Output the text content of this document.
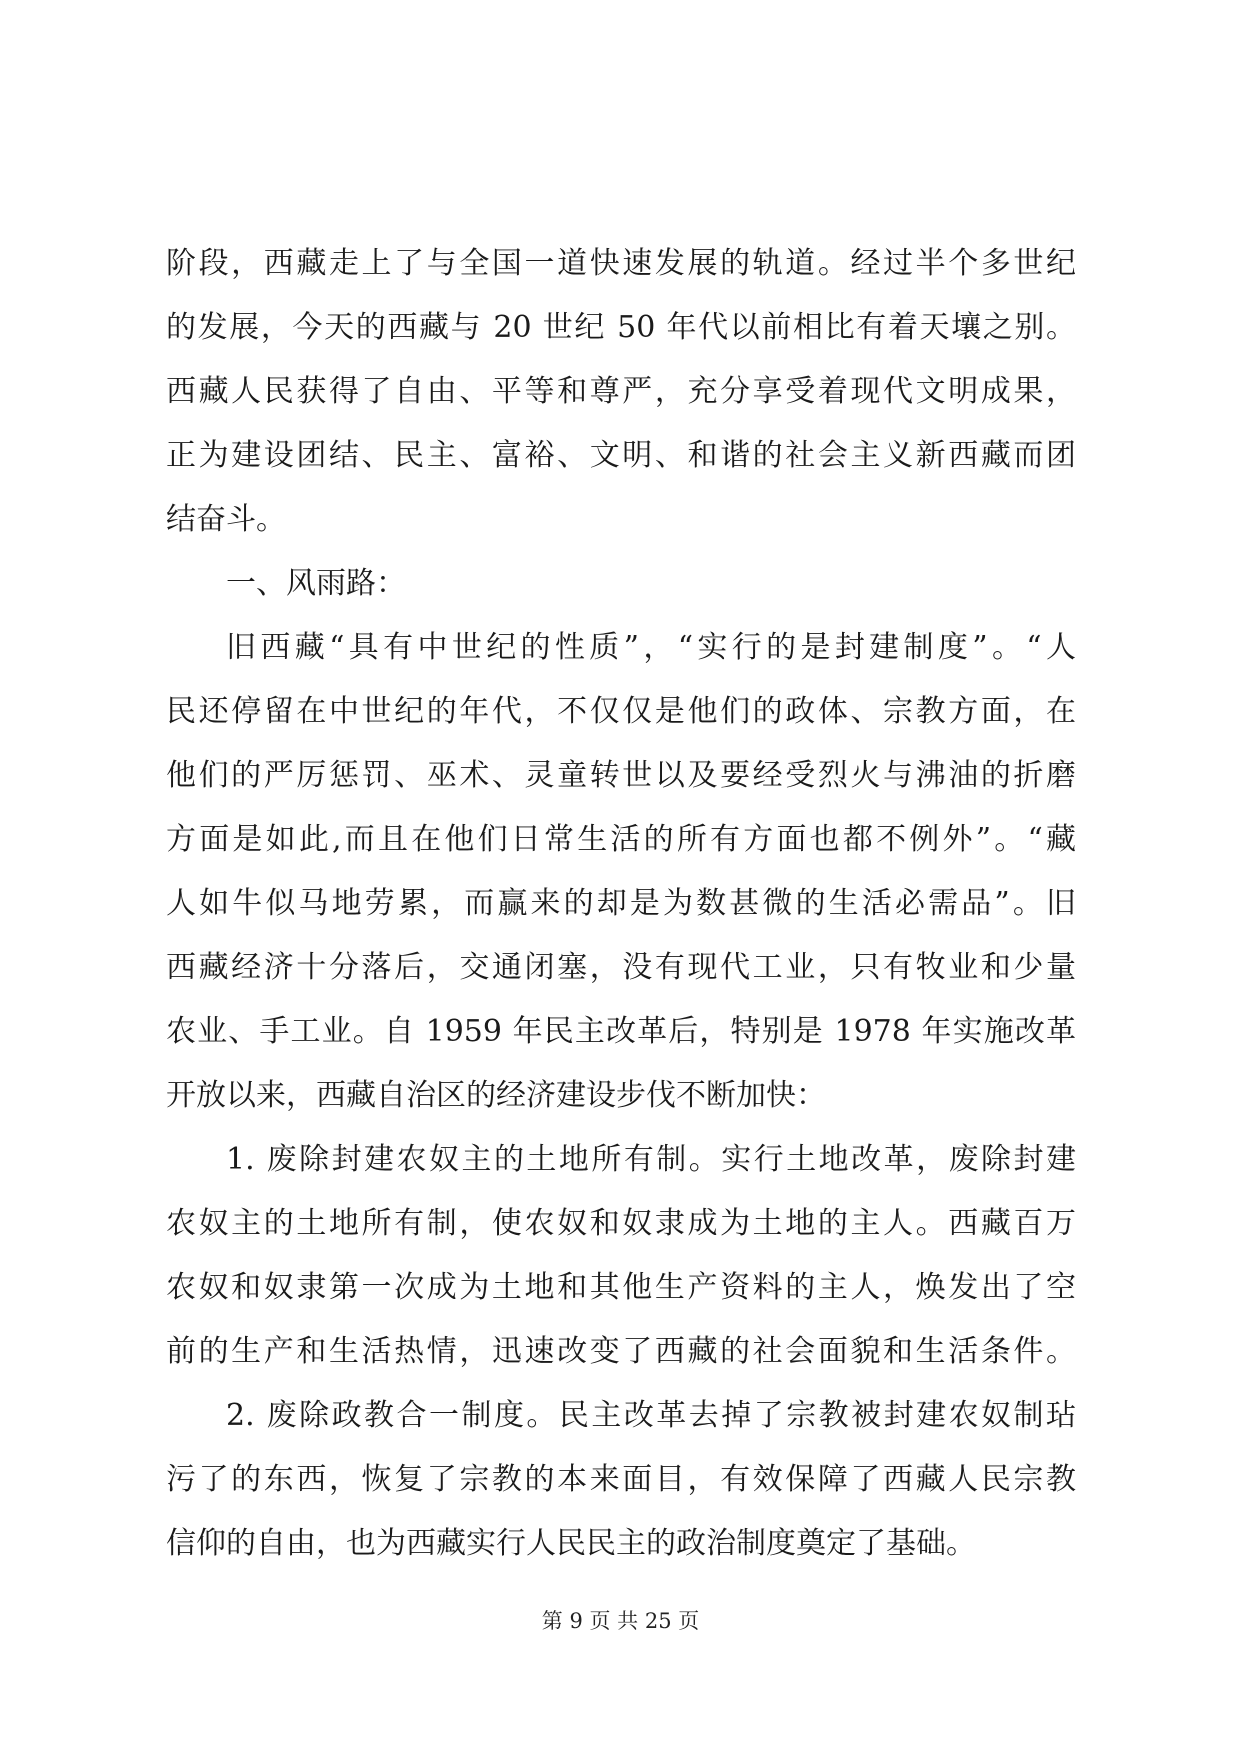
阶段，西藏走上了与全国一道快速发展的轨道。经过半个多世纪
的发展，今天的西藏与 20 世纪 50 年代以前相比有着天壤之别。
西藏人民获得了自由、平等和尊严，充分享受着现代文明成果，
正为建设团结、民主、富裕、文明、和谐的社会主义新西藏而团
结奋斗。
一、风雨路：
旧西藏“具有中世纪的性质”，“实行的是封建制度”。“人
民还停留在中世纪的年代，不仅仅是他们的政体、宗教方面，在
他们的严厉惩罚、巫术、灵童转世以及要经受烈火与沸油的折磨
方面是如此,而且在他们日常生活的所有方面也都不例外”。“藏
人如牛似马地劳累，而赢来的却是为数甚微的生活必需品”。旧
西藏经济十分落后，交通闭塞，没有现代工业，只有牧业和少量
农业、手工业。自 1959 年民主改革后，特别是 1978 年实施改革
开放以来，西藏自治区的经济建设步伐不断加快：
1. 废除封建农奴主的土地所有制。实行土地改革，废除封建
农奴主的土地所有制，使农奴和奴隶成为土地的主人。西藏百万
农奴和奴隶第一次成为土地和其他生产资料的主人，焕发出了空
前的生产和生活热情，迅速改变了西藏的社会面貌和生活条件。
2. 废除政教合一制度。民主改革去掉了宗教被封建农奴制玷
污了的东西，恢复了宗教的本来面目，有效保障了西藏人民宗教
信仰的自由，也为西藏实行人民民主的政治制度奠定了基础。
第 9 页 共 25 页
